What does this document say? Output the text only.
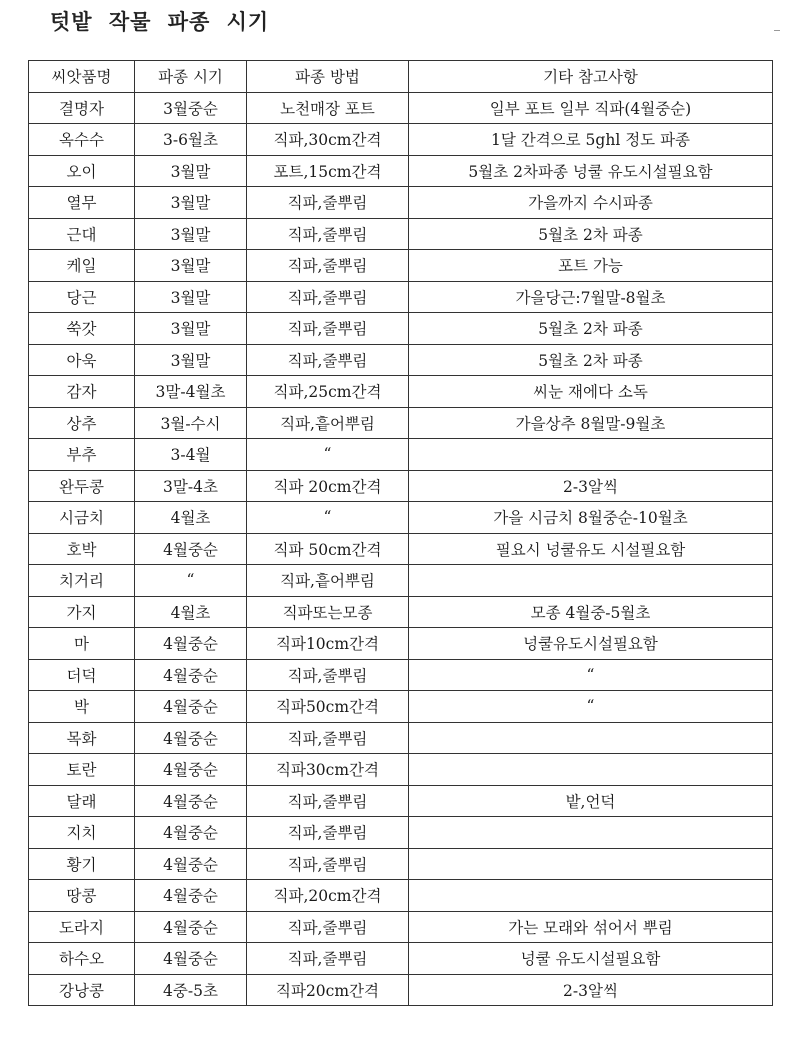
텃밭 작물 파종 시기
씨앗품명	파종 시기	파종 방법	기타 참고사항
결명자	3월중순	노천매장 포트	일부 포트 일부 직파(4월중순)
옥수수	3-6월초	직파,30cm간격	1달 간격으로 5ghl 정도 파종
오이	3월말	포트,15cm간격	5월초 2차파종 넝쿨 유도시설필요함
열무	3월말	직파,줄뿌림	가을까지 수시파종
근대	3월말	직파,줄뿌림	5월초 2차 파종
케일	3월말	직파,줄뿌림	포트 가능
당근	3월말	직파,줄뿌림	가을당근:7월말-8월초
쑥갓	3월말	직파,줄뿌림	5월초 2차 파종
아욱	3월말	직파,줄뿌림	5월초 2차 파종
감자	3말-4월초	직파,25cm간격	씨눈 재에다 소독
상추	3월-수시	직파,흩어뿌림	가을상추 8월말-9월초
부추	3-4월	“	
완두콩	3말-4초	직파 20cm간격	2-3알씩
시금치	4월초	“	가을 시금치 8월중순-10월초
호박	4월중순	직파 50cm간격	필요시 넝쿨유도 시설필요함
치거리	“	직파,흩어뿌림	
가지	4월초	직파또는모종	모종 4월중-5월초
마	4월중순	직파10cm간격	넝쿨유도시설필요함
더덕	4월중순	직파,줄뿌림	“
박	4월중순	직파50cm간격	“
목화	4월중순	직파,줄뿌림	
토란	4월중순	직파30cm간격	
달래	4월중순	직파,줄뿌림	밭,언덕
지치	4월중순	직파,줄뿌림	
황기	4월중순	직파,줄뿌림	
땅콩	4월중순	직파,20cm간격	
도라지	4월중순	직파,줄뿌림	가는 모래와 섞어서 뿌림
하수오	4월중순	직파,줄뿌림	넝쿨 유도시설필요함
강낭콩	4중-5초	직파20cm간격	2-3알씩
